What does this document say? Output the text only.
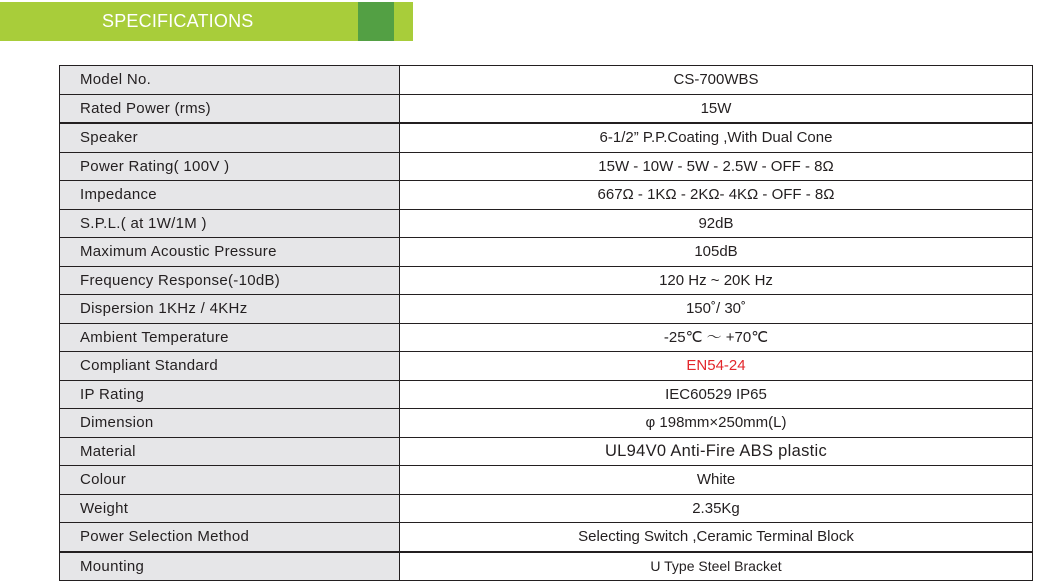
SPECIFICATIONS
Model No.	CS-700WBS
Rated Power (rms)	15W
Speaker	6-1/2” P.P.Coating ,With Dual Cone
Power Rating( 100V )	15W - 10W - 5W - 2.5W - OFF - 8Ω
Impedance	667Ω - 1KΩ - 2KΩ- 4KΩ - OFF - 8Ω
S.P.L.( at 1W/1M )	92dB
Maximum Acoustic Pressure	105dB
Frequency Response(-10dB)	120 Hz ~ 20K Hz
Dispersion 1KHz / 4KHz	150˚/ 30˚
Ambient Temperature	-25℃ ～ +70℃
Compliant Standard	EN54-24
IP Rating	IEC60529 IP65
Dimension	φ 198mm×250mm(L)
Material	UL94V0 Anti-Fire ABS plastic
Colour	White
Weight	2.35Kg
Power Selection Method	Selecting Switch ,Ceramic Terminal Block
Mounting	U Type Steel Bracket
